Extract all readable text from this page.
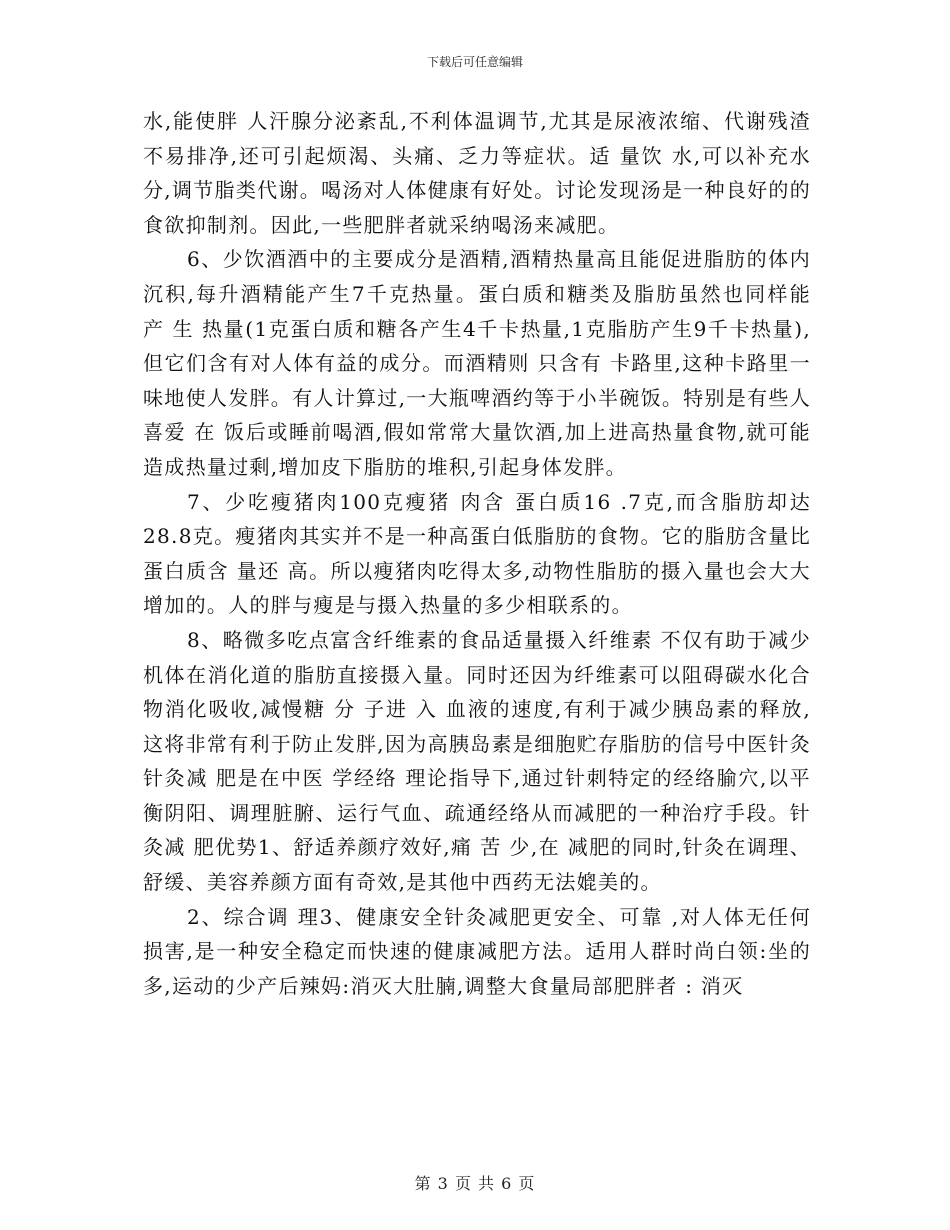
下载后可任意编辑

水,能使胖 人汗腺分泌紊乱,不利体温调节,尤其是尿液浓缩、代谢残渣不易排净,还可引起烦渴、头痛、乏力等症状。适 量饮 水,可以补充水分,调节脂类代谢。喝汤对人体健康有好处。讨论发现汤是一种良好的的食欲抑制剂。因此,一些肥胖者就采纳喝汤来减肥。

6、少饮酒酒中的主要成分是酒精,酒精热量高且能促进脂肪的体内沉积,每升酒精能产生7千克热量。蛋白质和糖类及脂肪虽然也同样能 产 生 热量(1克蛋白质和糖各产生4千卡热量,1克脂肪产生9千卡热量),但它们含有对人体有益的成分。而酒精则 只含有 卡路里,这种卡路里一味地使人发胖。有人计算过,一大瓶啤酒约等于小半碗饭。特别是有些人喜爱 在 饭后或睡前喝酒,假如常常大量饮酒,加上进高热量食物,就可能造成热量过剩,增加皮下脂肪的堆积,引起身体发胖。

7、少吃瘦猪肉100克瘦猪 肉含 蛋白质16 .7克,而含脂肪却达28.8克。瘦猪肉其实并不是一种高蛋白低脂肪的食物。它的脂肪含量比蛋白质含 量还 高。所以瘦猪肉吃得太多,动物性脂肪的摄入量也会大大增加的。人的胖与瘦是与摄入热量的多少相联系的。

8、略微多吃点富含纤维素的食品适量摄入纤维素 不仅有助于减少 机体在消化道的脂肪直接摄入量。同时还因为纤维素可以阻碍碳水化合物消化吸收,减慢糖 分 子进 入 血液的速度,有利于减少胰岛素的释放,这将非常有利于防止发胖,因为高胰岛素是细胞贮存脂肪的信号中医针灸针灸减 肥是在中医 学经络 理论指导下,通过针刺特定的经络腧穴,以平衡阴阳、调理脏腑、运行气血、疏通经络从而减肥的一种治疗手段。针灸减 肥优势1、舒适养颜疗效好,痛 苦 少,在 减肥的同时,针灸在调理、舒缓、美容养颜方面有奇效,是其他中西药无法媲美的。

2、综合调 理3、健康安全针灸减肥更安全、可靠 ,对人体无任何损害,是一种安全稳定而快速的健康减肥方法。适用人群时尚白领:坐的 多,运动的少产后辣妈:消灭大肚腩,调整大食量局部肥胖者 : 消灭

第 3 页 共 6 页
